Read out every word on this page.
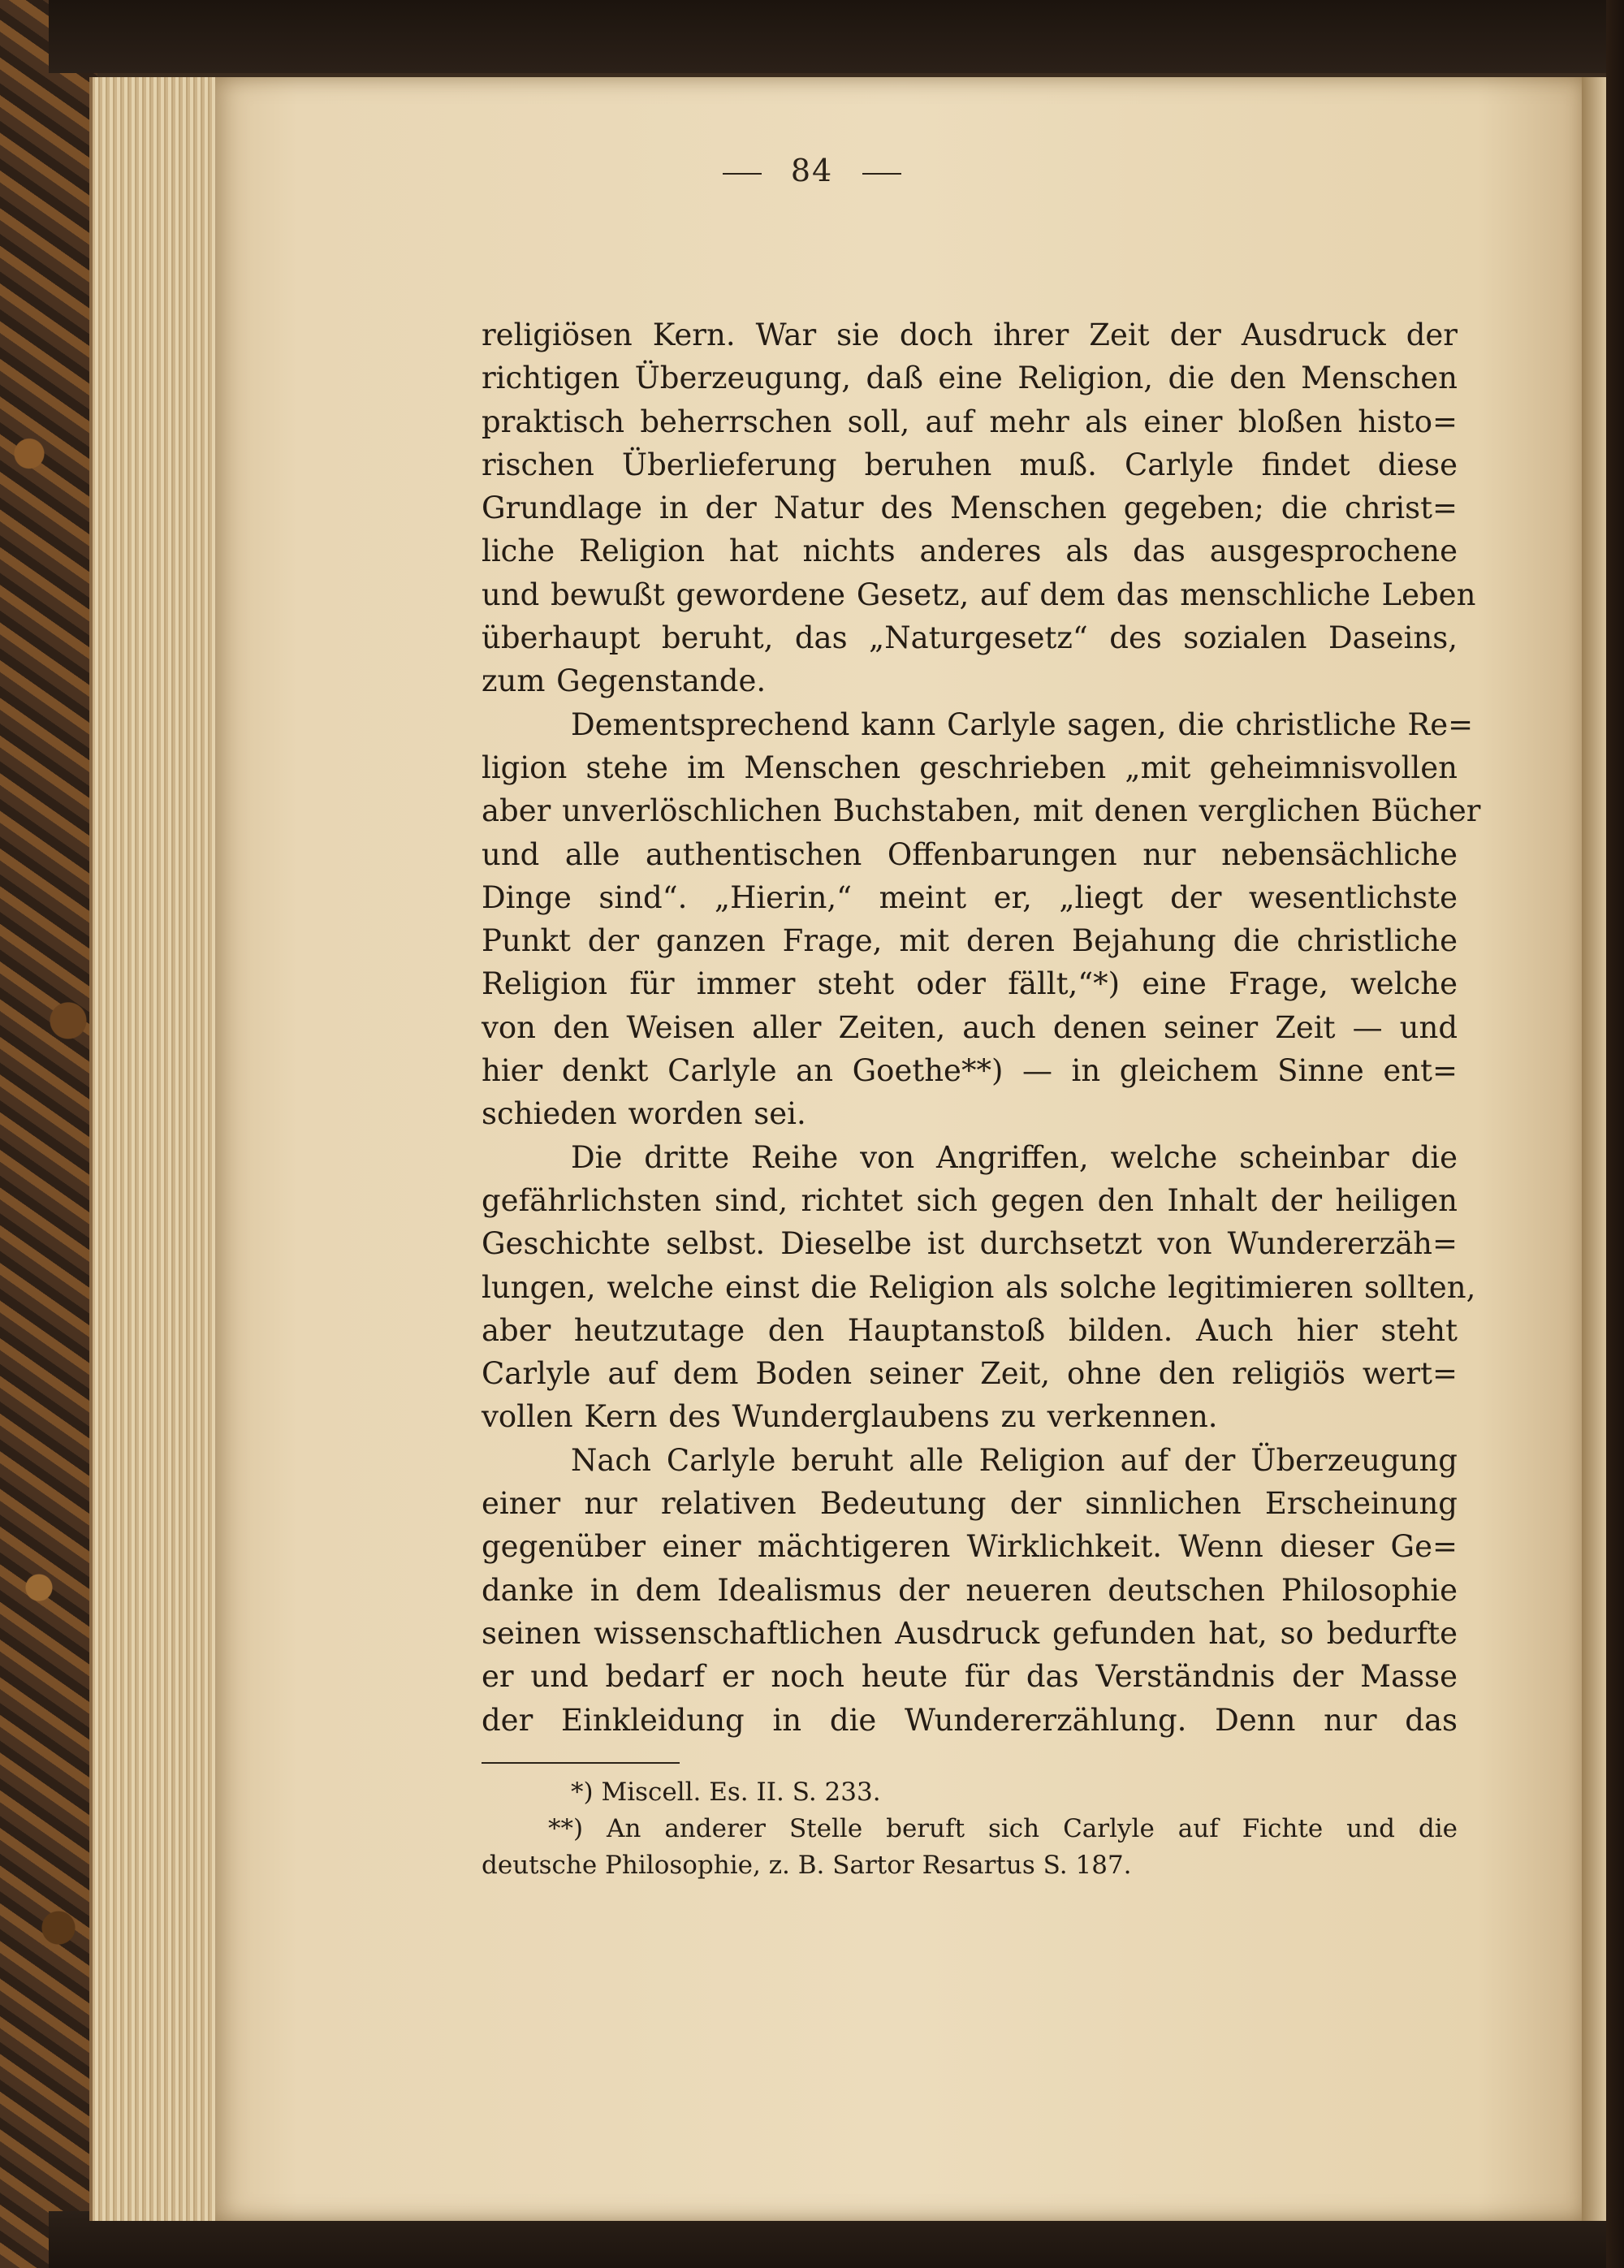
84
religiösen Kern. War sie doch ihrer Zeit der Ausdruck der
richtigen Überzeugung, daß eine Religion, die den Menschen
praktisch beherrschen soll, auf mehr als einer bloßen histo=
rischen Überlieferung beruhen muß. Carlyle findet diese
Grundlage in der Natur des Menschen gegeben; die christ=
liche Religion hat nichts anderes als das ausgesprochene
und bewußt gewordene Gesetz, auf dem das menschliche Leben
überhaupt beruht, das „Naturgesetz“ des sozialen Daseins,
zum Gegenstande.
Dementsprechend kann Carlyle sagen, die christliche Re=
ligion stehe im Menschen geschrieben „mit geheimnisvollen
aber unverlöschlichen Buchstaben, mit denen verglichen Bücher
und alle authentischen Offenbarungen nur nebensächliche
Dinge sind“. „Hierin,“ meint er, „liegt der wesentlichste
Punkt der ganzen Frage, mit deren Bejahung die christliche
Religion für immer steht oder fällt,“*) eine Frage, welche
von den Weisen aller Zeiten, auch denen seiner Zeit — und
hier denkt Carlyle an Goethe**) — in gleichem Sinne ent=
schieden worden sei.
Die dritte Reihe von Angriffen, welche scheinbar die
gefährlichsten sind, richtet sich gegen den Inhalt der heiligen
Geschichte selbst. Dieselbe ist durchsetzt von Wundererzäh=
lungen, welche einst die Religion als solche legitimieren sollten,
aber heutzutage den Hauptanstoß bilden. Auch hier steht
Carlyle auf dem Boden seiner Zeit, ohne den religiös wert=
vollen Kern des Wunderglaubens zu verkennen.
Nach Carlyle beruht alle Religion auf der Überzeugung
einer nur relativen Bedeutung der sinnlichen Erscheinung
gegenüber einer mächtigeren Wirklichkeit. Wenn dieser Ge=
danke in dem Idealismus der neueren deutschen Philosophie
seinen wissenschaftlichen Ausdruck gefunden hat, so bedurfte
er und bedarf er noch heute für das Verständnis der Masse
der Einkleidung in die Wundererzählung. Denn nur das
*) Miscell. Es. II. S. 233.
**) An anderer Stelle beruft sich Carlyle auf Fichte und die
deutsche Philosophie, z. B. Sartor Resartus S. 187.
